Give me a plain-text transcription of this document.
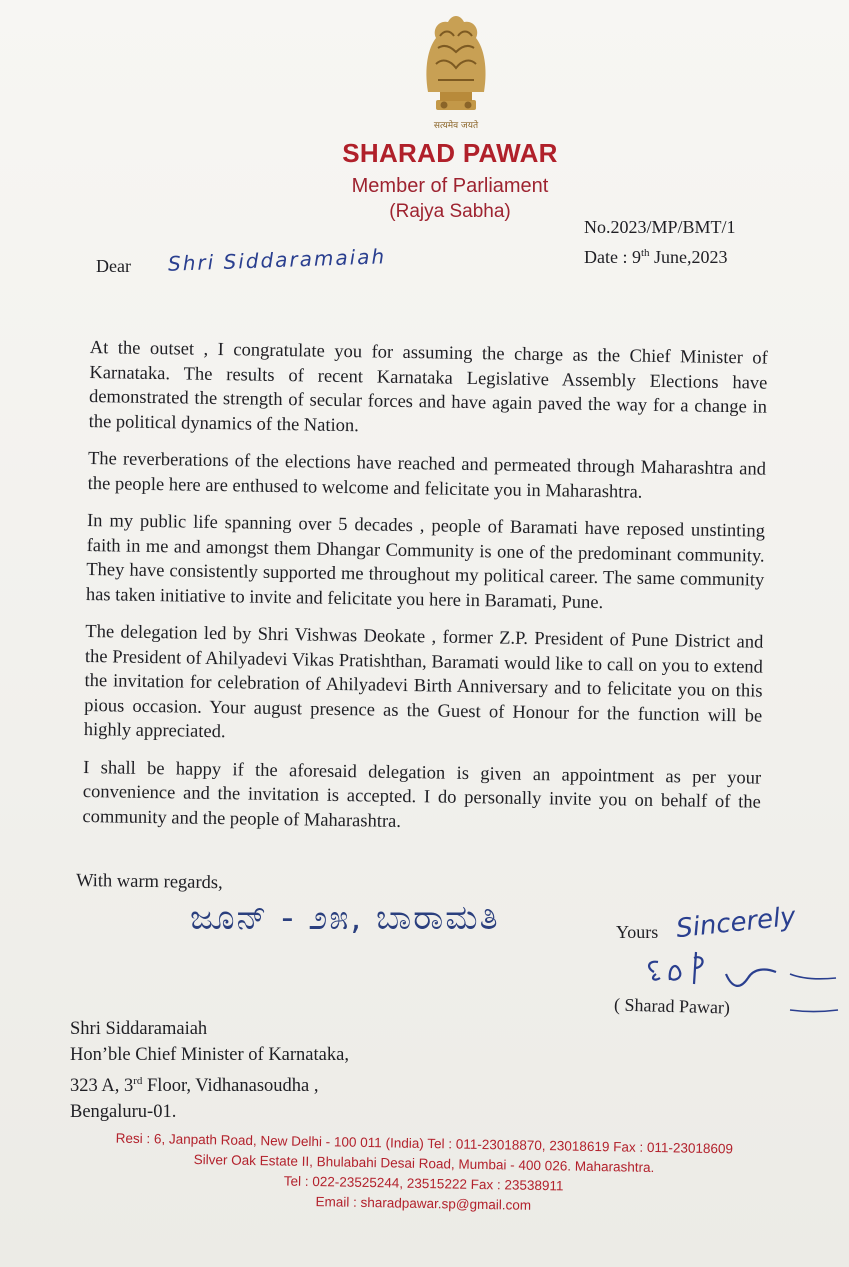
सत्यमेव जयते
SHARAD PAWAR
Member of Parliament
(Rajya Sabha)
No.2023/MP/BMT/1
Date : 9th June,2023
Dear Shri Siddaramaiah

At the outset , I congratulate you for assuming the charge as the Chief Minister of Karnataka. The results of recent Karnataka Legislative Assembly Elections have demonstrated the strength of secular forces and have again paved the way for a change in the political dynamics of the Nation.

The reverberations of the elections have reached and permeated through Maharashtra and the people here are enthused to welcome and felicitate you in Maharashtra.

In my public life spanning over 5 decades , people of Baramati have reposed unstinting faith in me and amongst them Dhangar Community is one of the predominant community. They have consistently supported me throughout my political career. The same community has taken initiative to invite and felicitate you here in Baramati, Pune.

The delegation led by Shri Vishwas Deokate , former Z.P. President of Pune District and the President of Ahilyadevi Vikas Pratishthan, Baramati would like to call on you to extend the invitation for celebration of Ahilyadevi Birth Anniversary and to felicitate you on this pious occasion. Your august presence as the Guest of Honour for the function will be highly appreciated.

I shall be happy if the aforesaid delegation is given an appointment as per your convenience and the invitation is accepted. I do personally invite you on behalf of the community and the people of Maharashtra.

With warm regards,
ಜೂನ್ - ೨೫, ಬಾರಾಮತಿ	Yours Sincerely
( Sharad Pawar)
Shri Siddaramaiah
Hon’ble Chief Minister of Karnataka,
323 A, 3rd Floor, Vidhanasoudha ,
Bengaluru-01.
Resi : 6, Janpath Road, New Delhi - 100 011 (India) Tel : 011-23018870, 23018619 Fax : 011-23018609
Silver Oak Estate II, Bhulabahi Desai Road, Mumbai - 400 026. Maharashtra.
Tel : 022-23525244, 23515222 Fax : 23538911
Email : sharadpawar.sp@gmail.com
